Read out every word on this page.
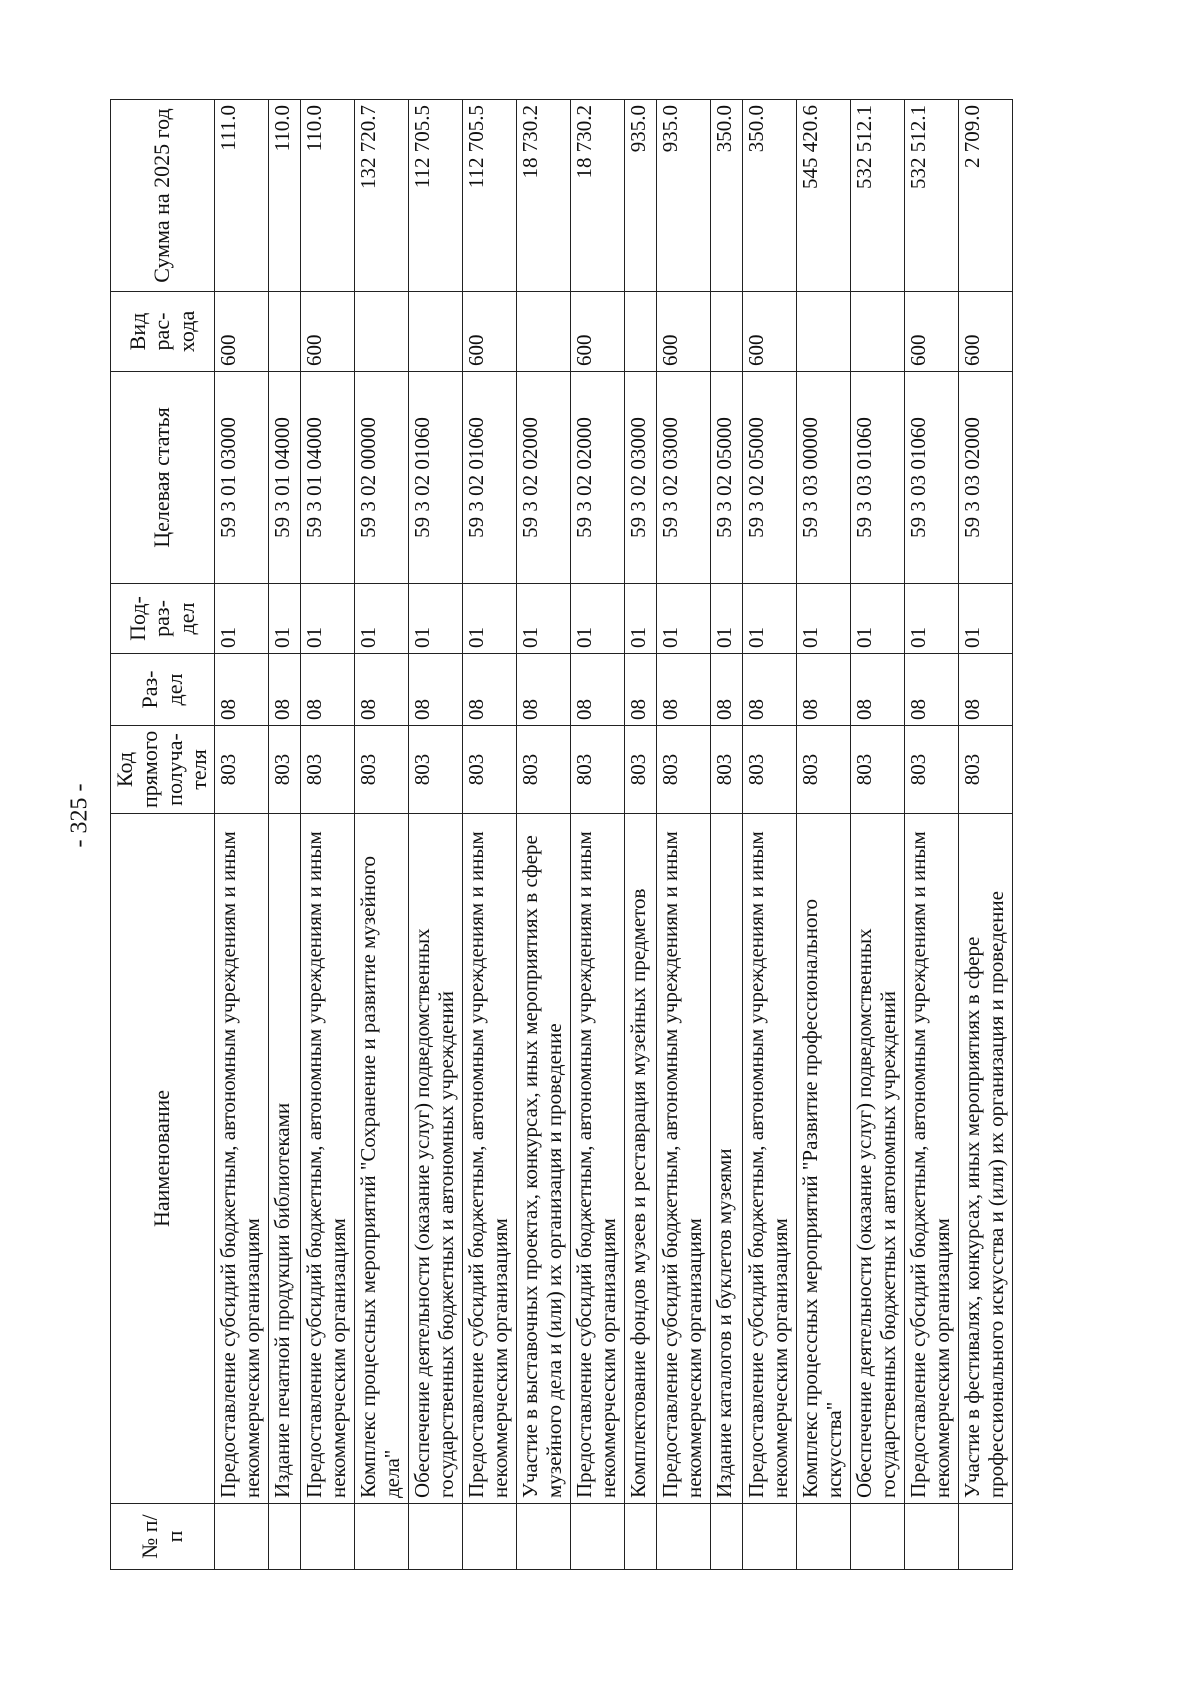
- 325 -
№ п/п	Наименование	Код прямого получа-теля	Раз-дел	Под-раз-дел	Целевая статья	Вид рас-хода	Сумма на 2025 год
	Предоставление субсидий бюджетным, автономным учреждениям и иным некоммерческим организациям	803	08	01	59 3 01 03000	600	111.0
	Издание печатной продукции библиотеками	803	08	01	59 3 01 04000		110.0
	Предоставление субсидий бюджетным, автономным учреждениям и иным некоммерческим организациям	803	08	01	59 3 01 04000	600	110.0
	Комплекс процессных мероприятий "Сохранение и развитие музейного дела"	803	08	01	59 3 02 00000		132 720.7
	Обеспечение деятельности (оказание услуг) подведомственных государственных бюджетных и автономных учреждений	803	08	01	59 3 02 01060		112 705.5
	Предоставление субсидий бюджетным, автономным учреждениям и иным некоммерческим организациям	803	08	01	59 3 02 01060	600	112 705.5
	Участие в выставочных проектах, конкурсах, иных мероприятиях в сфере музейного дела и (или) их организация и проведение	803	08	01	59 3 02 02000		18 730.2
	Предоставление субсидий бюджетным, автономным учреждениям и иным некоммерческим организациям	803	08	01	59 3 02 02000	600	18 730.2
	Комплектование фондов музеев и реставрация музейных предметов	803	08	01	59 3 02 03000		935.0
	Предоставление субсидий бюджетным, автономным учреждениям и иным некоммерческим организациям	803	08	01	59 3 02 03000	600	935.0
	Издание каталогов и буклетов музеями	803	08	01	59 3 02 05000		350.0
	Предоставление субсидий бюджетным, автономным учреждениям и иным некоммерческим организациям	803	08	01	59 3 02 05000	600	350.0
	Комплекс процессных мероприятий "Развитие профессионального искусства"	803	08	01	59 3 03 00000		545 420.6
	Обеспечение деятельности (оказание услуг) подведомственных государственных бюджетных и автономных учреждений	803	08	01	59 3 03 01060		532 512.1
	Предоставление субсидий бюджетным, автономным учреждениям и иным некоммерческим организациям	803	08	01	59 3 03 01060	600	532 512.1
	Участие в фестивалях, конкурсах, иных мероприятиях в сфере профессионального искусства и (или) их организация и проведение	803	08	01	59 3 03 02000	600	2 709.0
